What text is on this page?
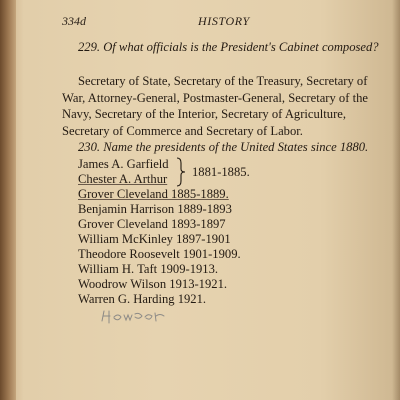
334d	HISTORY
229. Of what officials is the President's Cabinet composed?
Secretary of State, Secretary of the Treasury, Secretary of War, Attorney-General, Postmaster-General, Secretary of the Navy, Secretary of the Interior, Secretary of Agriculture, Secretary of Commerce and Secretary of Labor.
230. Name the presidents of the United States since 1880.
James A. Garfield
Chester A. Arthur
Grover Cleveland 1885-1889.
Benjamin Harrison 1889-1893
Grover Cleveland 1893-1897
William McKinley 1897-1901
Theodore Roosevelt 1901-1909.
William H. Taft 1909-1913.
Woodrow Wilson 1913-1921.
Warren G. Harding 1921.
1881-1885.
